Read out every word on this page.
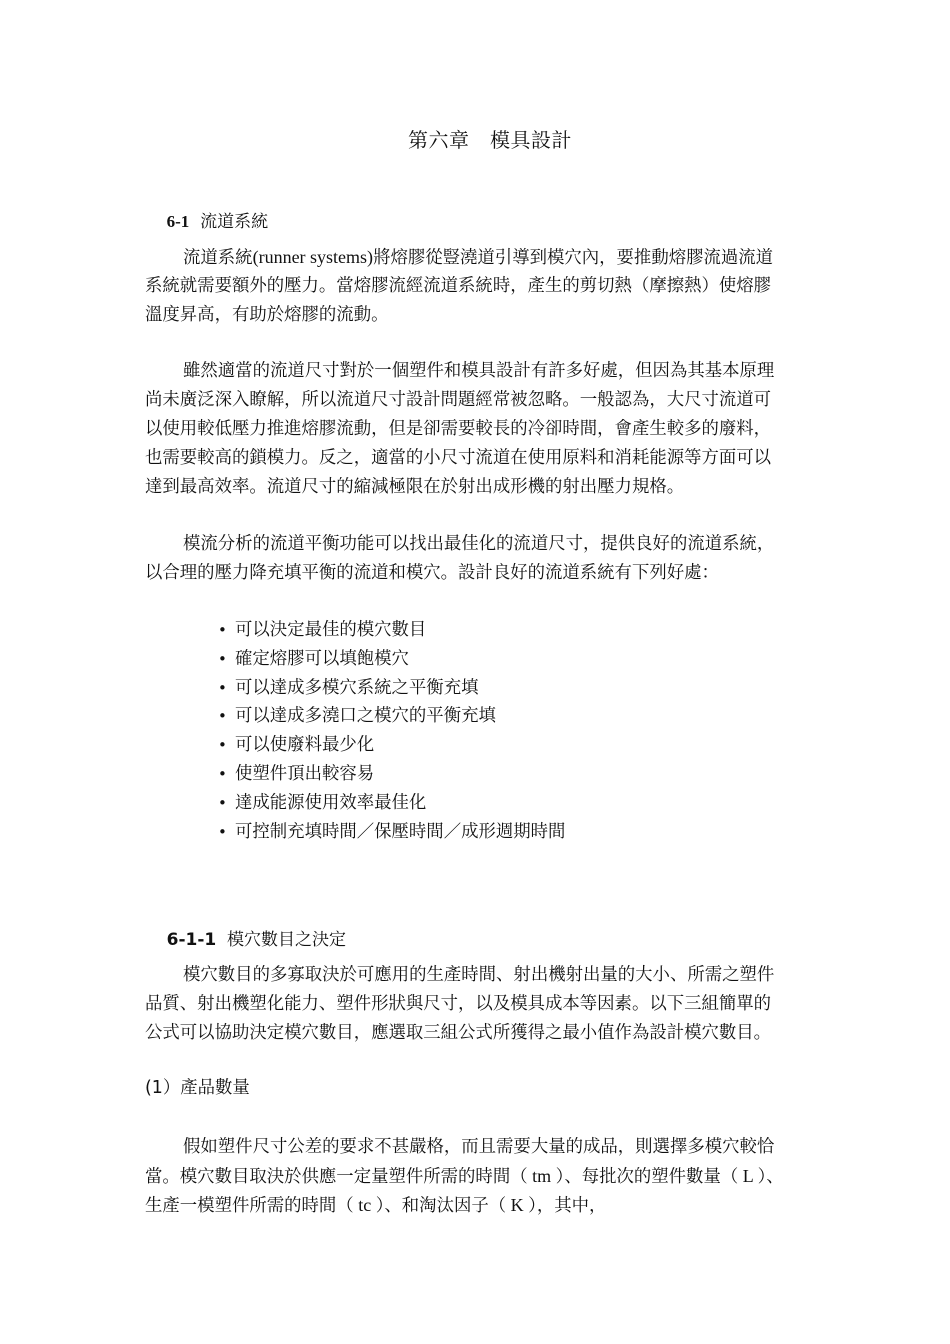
第六章   模具設計

6-1 流道系統

流道系統(runner systems)將熔膠從豎澆道引導到模穴內，要推動熔膠流過流道
系統就需要額外的壓力。當熔膠流經流道系統時，產生的剪切熱（摩擦熱）使熔膠
溫度昇高，有助於熔膠的流動。
雖然適當的流道尺寸對於一個塑件和模具設計有許多好處，但因為其基本原理
尚未廣泛深入瞭解，所以流道尺寸設計問題經常被忽略。一般認為，大尺寸流道可
以使用較低壓力推進熔膠流動，但是卻需要較長的冷卻時間，會產生較多的廢料，
也需要較高的鎖模力。反之，適當的小尺寸流道在使用原料和消耗能源等方面可以
達到最高效率。流道尺寸的縮減極限在於射出成形機的射出壓力規格。
模流分析的流道平衡功能可以找出最佳化的流道尺寸，提供良好的流道系統，
以合理的壓力降充填平衡的流道和模穴。設計良好的流道系統有下列好處：
• 可以決定最佳的模穴數目
• 確定熔膠可以填飽模穴
• 可以達成多模穴系統之平衡充填
• 可以達成多澆口之模穴的平衡充填
• 可以使廢料最少化
• 使塑件頂出較容易
• 達成能源使用效率最佳化
• 可控制充填時間／保壓時間／成形週期時間

6-1-1 模穴數目之決定

模穴數目的多寡取決於可應用的生產時間、射出機射出量的大小、所需之塑件
品質、射出機塑化能力、塑件形狀與尺寸，以及模具成本等因素。以下三組簡單的
公式可以協助決定模穴數目，應選取三組公式所獲得之最小值作為設計模穴數目。
(1）產品數量
假如塑件尺寸公差的要求不甚嚴格，而且需要大量的成品，則選擇多模穴較恰
當。模穴數目取決於供應一定量塑件所需的時間（ tm ）、每批次的塑件數量（ L ）、
生產一模塑件所需的時間（ tc ）、和淘汰因子（ K ），其中，
